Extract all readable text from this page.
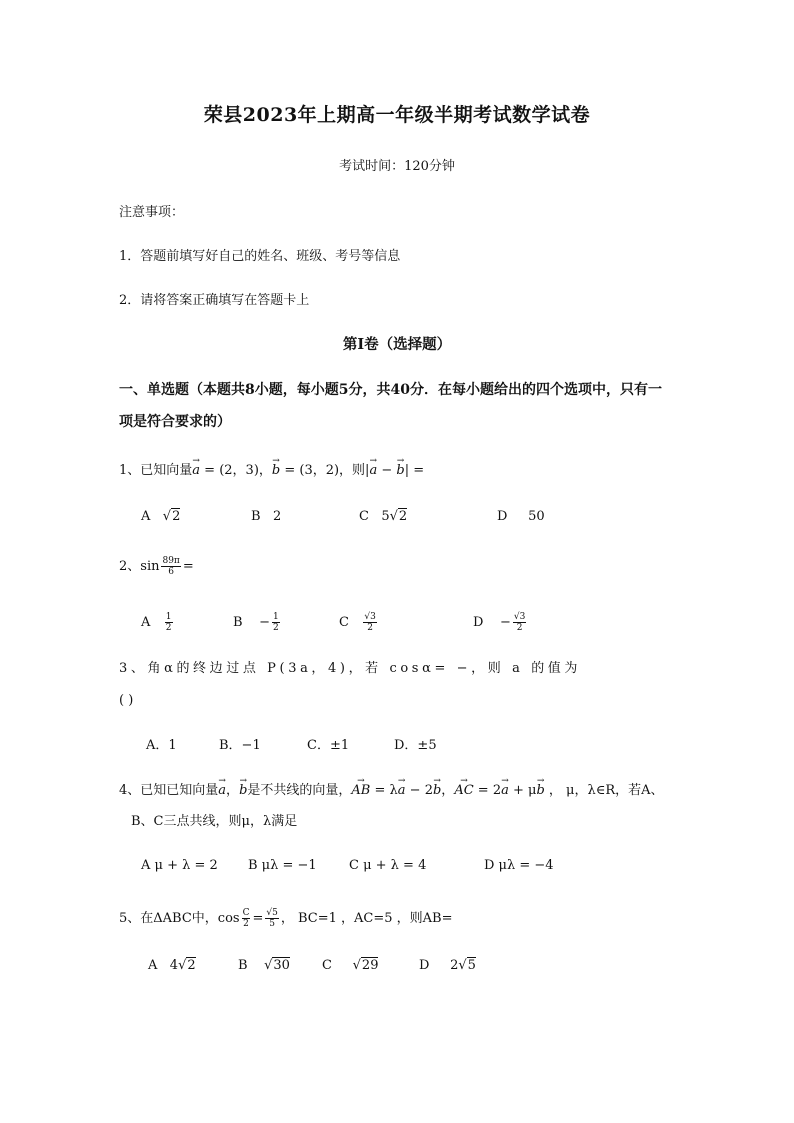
荣县2023年上期高一年级半期考试数学试卷
考试时间：120分钟
注意事项：
1．答题前填写好自己的姓名、班级、考号等信息
2．请将答案正确填写在答题卡上
第I卷（选择题）
一、单选题（本题共8小题，每小题5分，共40分．在每小题给出的四个选项中，只有一
项是符合要求的）
1、已知向量→ a = (2，3)，→ b = (3，2)，则|→ a − → b| =
A √2	B 2	C 5√2	D 50
2、$\sin \frac{89\pi}{6}$ =
A $\frac{1}{2}$	$B - \frac{1}{2}$	C $\frac{√3}{2}$	$D - \frac{√3}{2}$
3、角α的终边过点 P(3a，4)，若 cosα= −，则 a 的值为
( )
A．1	B．−1	C．±1	D．±5
4、已知已知向量→ a，→ b是不共线的向量，→ AB = λ→ a − 2→ b，→ AC = 2→ a + μ→ b ， μ，λ∈R，若A、
B、C三点共线，则μ，λ满足
A μ + λ = 2 B μλ = −1 C μ + λ = 4	D μλ = −4
5、在ΔABC中，$\cos \frac{C}{2} = \frac{√5}{5}$ ， BC=1 ，AC=5 ，则AB=
A 4√2	B √30 C √29	D 2√5
